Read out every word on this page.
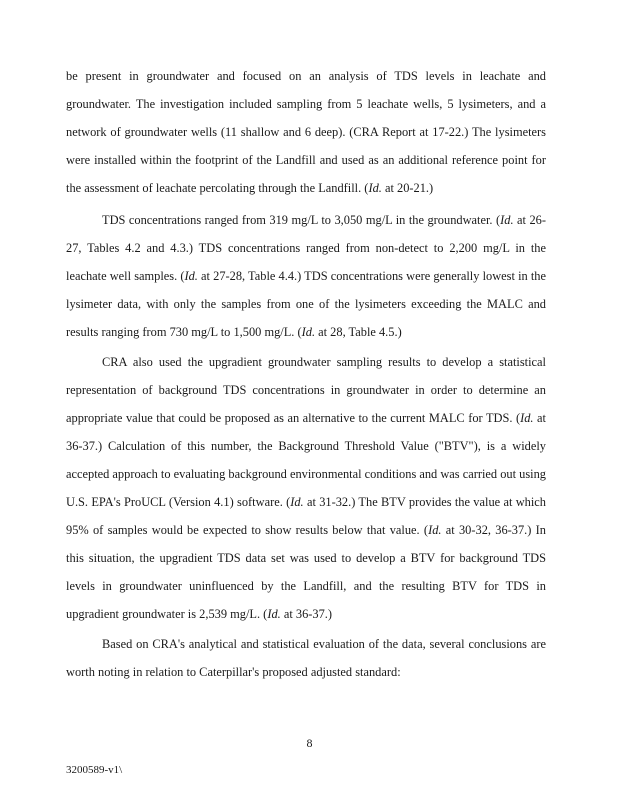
be present in groundwater and focused on an analysis of TDS levels in leachate and groundwater. The investigation included sampling from 5 leachate wells, 5 lysimeters, and a network of groundwater wells (11 shallow and 6 deep). (CRA Report at 17-22.) The lysimeters were installed within the footprint of the Landfill and used as an additional reference point for the assessment of leachate percolating through the Landfill. (Id. at 20-21.)

TDS concentrations ranged from 319 mg/L to 3,050 mg/L in the groundwater. (Id. at 26-27, Tables 4.2 and 4.3.) TDS concentrations ranged from non-detect to 2,200 mg/L in the leachate well samples. (Id. at 27-28, Table 4.4.) TDS concentrations were generally lowest in the lysimeter data, with only the samples from one of the lysimeters exceeding the MALC and results ranging from 730 mg/L to 1,500 mg/L. (Id. at 28, Table 4.5.)

CRA also used the upgradient groundwater sampling results to develop a statistical representation of background TDS concentrations in groundwater in order to determine an appropriate value that could be proposed as an alternative to the current MALC for TDS. (Id. at 36-37.) Calculation of this number, the Background Threshold Value ("BTV"), is a widely accepted approach to evaluating background environmental conditions and was carried out using U.S. EPA's ProUCL (Version 4.1) software. (Id. at 31-32.) The BTV provides the value at which 95% of samples would be expected to show results below that value. (Id. at 30-32, 36-37.) In this situation, the upgradient TDS data set was used to develop a BTV for background TDS levels in groundwater uninfluenced by the Landfill, and the resulting BTV for TDS in upgradient groundwater is 2,539 mg/L. (Id. at 36-37.)

Based on CRA's analytical and statistical evaluation of the data, several conclusions are worth noting in relation to Caterpillar's proposed adjusted standard:

8
3200589-v1\
